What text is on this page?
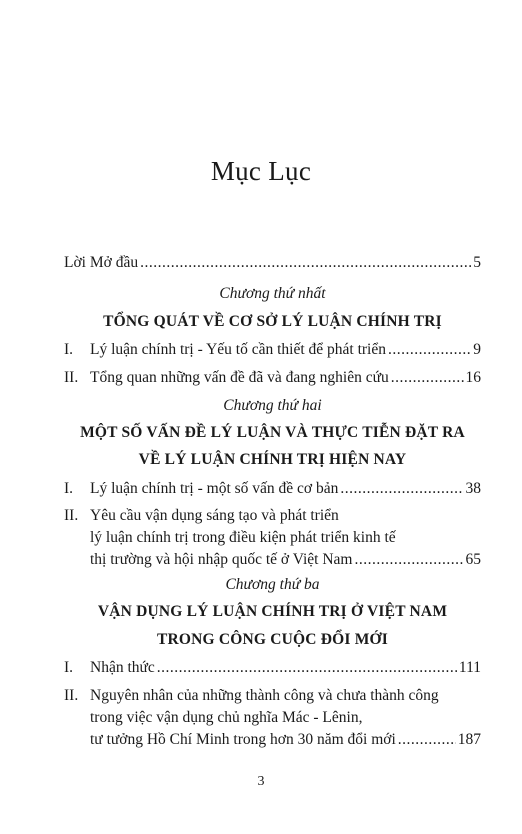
Mục Lục
Lời Mở đầu .....	5
Chương thứ nhất
TỔNG QUÁT VỀ CƠ SỞ LÝ LUẬN CHÍNH TRỊ
I.	Lý luận chính trị - Yếu tố cần thiết để phát triển .....	9
II. Tổng quan những vấn đề đã và đang nghiên cứu .....	16
Chương thứ hai
MỘT SỐ VẤN ĐỀ LÝ LUẬN VÀ THỰC TIỄN ĐẶT RA
VỀ LÝ LUẬN CHÍNH TRỊ HIỆN NAY
I.	Lý luận chính trị - một số vấn đề cơ bản .....	38
II. Yêu cầu vận dụng sáng tạo và phát triển
lý luận chính trị trong điều kiện phát triển kinh tế
thị trường và hội nhập quốc tế ở Việt Nam .....	65
Chương thứ ba
VẬN DỤNG LÝ LUẬN CHÍNH TRỊ Ở VIỆT NAM
TRONG CÔNG CUỘC ĐỔI MỚI
I.	Nhận thức .....	111
II. Nguyên nhân của những thành công và chưa thành công
trong việc vận dụng chủ nghĩa Mác - Lênin,
tư tưởng Hồ Chí Minh trong hơn 30 năm đổi mới .....	187
3
